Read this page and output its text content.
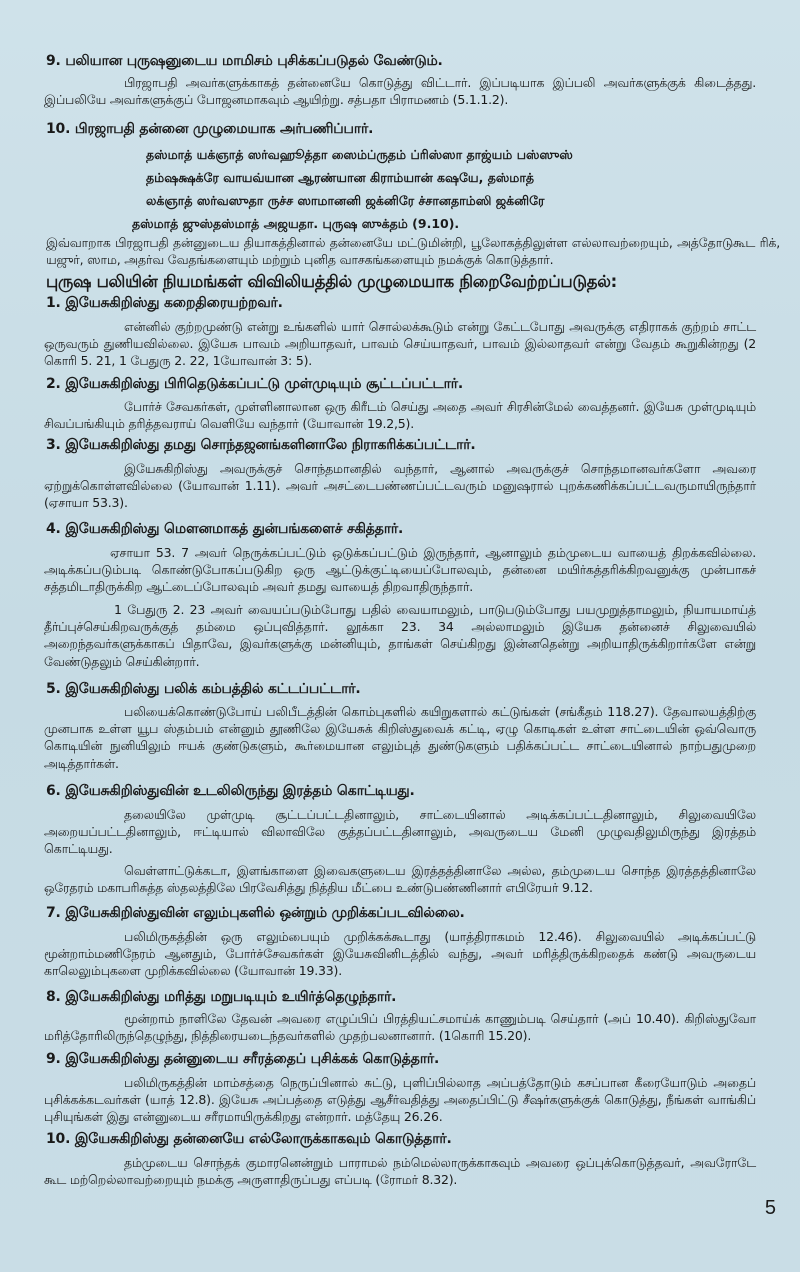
9. பலியான புருஷனுடைய மாமிசம் புசிக்கப்படுதல் வேண்டும்.
பிரஜாபதி அவர்களுக்காகத் தன்னையே கொடுத்து விட்டார். இப்படியாக இப்பலி அவர்களுக்குக் கிடைத்தது. இப்பலியே அவர்களுக்குப் போஜனமாகவும் ஆயிற்று. சத்பதா பிராமணம் (5.1.1.2).
10. பிரஜாபதி தன்னை முழுமையாக அர்பணிப்பார்.
தஸ்மாத் யக்ஞாத் ஸர்வஹூத்தா ஸைம்ப்ருதம் ப்ரிஸ்ஸா தாஜ்யம் பஸ்ஸுஸ்
தம்ஷக்ஷக்ரே வாயவ்யான ஆரண்யான கிராம்யான் கஷயே, தஸ்மாத்
லக்ஞாத் ஸர்வஸுதா ருச்ச ஸாமானனி ஜக்னிரே ச்சானதாம்ஸி ஜக்னிரே
தஸ்மாத் ஜுஸ்தஸ்மாத் அஜயதா. புருஷ ஸுக்தம் (9.10).
இவ்வாறாக பிரஜாபதி தன்னுடைய தியாகத்தினால் தன்னையே மட்டுமின்றி, பூலோகத்திலுள்ள எல்லாவற்றையும், அத்தோடுகூட ரிக், யஜுர், ஸாம, அதர்வ வேதங்களையும் மற்றும் புனித வாசகங்களையும் நமக்குக் கொடுத்தார்.
புருஷ பலியின் நியமங்கள் விவிலியத்தில் முழுமையாக நிறைவேற்றப்படுதல்:
1. இயேசுகிறிஸ்து கறைதிரையற்றவர்.
என்னில் குற்றமுண்டு என்று உங்களில் யார் சொல்லக்கூடும் என்று கேட்டபோது அவருக்கு எதிராகக் குற்றம் சாட்ட ஒருவரும் துணியவில்லை. இயேசு பாவம் அறியாதவர், பாவம் செய்யாதவர், பாவம் இல்லாதவர் என்று வேதம் கூறுகின்றது (2 கொரி 5. 21, 1 பேதுரு 2. 22, 1யோவான் 3: 5).
2. இயேசுகிறிஸ்து பிரிதெடுக்கப்பட்டு முள்முடியும் சூட்டப்பட்டார்.
போர்ச் சேவகர்கள், முள்ளினாலான ஒரு கிரீடம் செய்து அதை அவர் சிரசின்மேல் வைத்தனர். இயேசு முள்முடியும் சிவப்பங்கியும் தரித்தவராய் வெளியே வந்தார் (யோவான் 19.2,5).
3. இயேசுகிறிஸ்து தமது சொந்தஜனங்களினாலே நிராகரிக்கப்பட்டார்.
இயேசுகிறிஸ்து அவருக்குச் சொந்தமானதில் வந்தார், ஆனால் அவருக்குச் சொந்தமானவர்களோ அவரை ஏற்றுக்கொள்ளவில்லை (யோவான் 1.11). அவர் அசட்டைபண்ணப்பட்டவரும் மனுஷரால் புறக்கணிக்கப்பட்டவருமாயிருந்தார் (ஏசாயா 53.3).
4. இயேசுகிறிஸ்து மௌனமாகத் துன்பங்களைச் சகித்தார்.
ஏசாயா 53. 7 அவர் நெருக்கப்பட்டும் ஒடுக்கப்பட்டும் இருந்தார், ஆனாலும் தம்முடைய வாயைத் திறக்கவில்லை. அடிக்கப்படும்படி கொண்டுபோகப்படுகிற ஒரு ஆட்டுக்குட்டியைப்போலவும், தன்னை மயிர்கத்தரிக்கிறவனுக்கு முன்பாகச் சத்தமிடாதிருக்கிற ஆட்டைப்போலவும் அவர் தமது வாயைத் திறவாதிருந்தார்.
1 பேதுரு 2. 23 அவர் வையப்படும்போது பதில் வையாமலும், பாடுபடும்போது பயமுறுத்தாமலும், நியாயமாய்த் தீர்ப்புச்செய்கிறவருக்குத் தம்மை ஒப்புவித்தார். லூக்கா 23. 34 அல்லாமலும் இயேசு தன்னைச் சிலுவையில் அறைந்தவர்களுக்காகப் பிதாவே, இவர்களுக்கு மன்னியும், தாங்கள் செய்கிறது இன்னதென்று அறியாதிருக்கிறார்களே என்று வேண்டுதலும் செய்கின்றார்.
5. இயேசுகிறிஸ்து பலிக் கம்பத்தில் கட்டப்பட்டார்.
பலியைக்கொண்டுபோய் பலிபீடத்தின் கொம்புகளில் கயிறுகளால் கட்டுங்கள் (சங்கீதம் 118.27). தேவாலயத்திற்கு முனபாக உள்ள யூப ஸ்தம்பம் என்னும் தூணிலே இயேசுக் கிறிஸ்துவைக் கட்டி, ஏழு கொடிகள் உள்ள சாட்டையின் ஒவ்வொரு கொடியின் நுனியிலும் ஈயக் குண்டுகளும், கூர்மையான எலும்புத் துண்டுகளும் பதிக்கப்பட்ட சாட்டையினால் நாற்பதுமுறை அடித்தார்கள்.
6. இயேசுகிறிஸ்துவின் உடலிலிருந்து இரத்தம் கொட்டியது.
தலையிலே முள்முடி சூட்டப்பட்டதினாலும், சாட்டையினால் அடிக்கப்பட்டதினாலும், சிலுவையிலே அறையப்பட்டதினாலும், ஈட்டியால் விலாவிலே குத்தப்பட்டதினாலும், அவருடைய மேனி முழுவதிலுமிருந்து இரத்தம் கொட்டியது.
வெள்ளாட்டுக்கடா, இளங்காளை இவைகளுடைய இரத்தத்தினாலே அல்ல, தம்முடைய சொந்த இரத்தத்தினாலே ஒரேதரம் மகாபரிசுத்த ஸ்தலத்திலே பிரவேசித்து நித்திய மீட்பை உண்டுபண்ணினார் எபிரேயர் 9.12.
7. இயேசுகிறிஸ்துவின் எலும்புகளில் ஒன்றும் முறிக்கப்படவில்லை.
பலிமிருகத்தின் ஒரு எலும்பையும் முறிக்கக்கூடாது (யாத்திராகமம் 12.46). சிலுவையில் அடிக்கப்பட்டு மூன்றாம்மணிநேரம் ஆனதும், போர்ச்சேவகர்கள் இயேசுவினிடத்தில் வந்து, அவர் மரித்திருக்கிறதைக் கண்டு அவருடைய காலெலும்புகளை முறிக்கவில்லை (யோவான் 19.33).
8. இயேசுகிறிஸ்து மரித்து மறுபடியும் உயிர்த்தெழுந்தார்.
மூன்றாம் நாளிலே தேவன் அவரை எழுப்பிப் பிரத்தியட்சமாய்க் காணும்படி செய்தார் (அப் 10.40). கிறிஸ்துவோ மரித்தோரிலிருந்தெழுந்து, நித்திரையடைந்தவர்களில் முதற்பலனானார். (1கொரி 15.20).
9. இயேசுகிறிஸ்து தன்னுடைய சரீரத்தைப் புசிக்கக் கொடுத்தார்.
பலிமிருகத்தின் மாம்சத்தை நெருப்பினால் சுட்டு, புளிப்பில்லாத அப்பத்தோடும் கசப்பான கீரையோடும் அதைப் புசிக்கக்கடவர்கள் (யாத் 12.8). இயேசு அப்பத்தை எடுத்து ஆசீர்வதித்து அதைப்பிட்டு சீஷர்களுக்குக் கொடுத்து, நீங்கள் வாங்கிப் புசியுங்கள் இது என்னுடைய சரீரமாயிருக்கிறது என்றார். மத்தேயு 26.26.
10. இயேசுகிறிஸ்து தன்னையே எல்லோருக்காகவும் கொடுத்தார்.
தம்முடைய சொந்தக் குமாரனென்றும் பாராமல் நம்மெல்லாருக்காகவும் அவரை ஒப்புக்கொடுத்தவர், அவரோடே கூட மற்றெல்லாவற்றையும் நமக்கு அருளாதிருப்பது எப்படி (ரோமர் 8.32).
5
